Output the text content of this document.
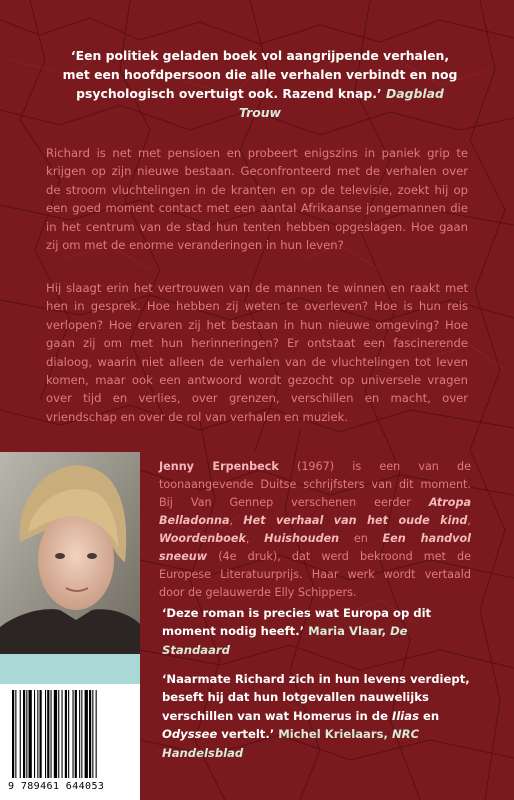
‘Een politiek geladen boek vol aangrijpende verhalen, met een hoofdpersoon die alle verhalen verbindt en nog psychologisch overtuigt ook. Razend knap.’ Dagblad Trouw
Richard is net met pensioen en probeert enigszins in paniek grip te krijgen op zijn nieuwe bestaan. Geconfronteerd met de verhalen over de stroom vluchtelingen in de kranten en op de televisie, zoekt hij op een goed moment contact met een aantal Afrikaanse jongemannen die in het centrum van de stad hun tenten hebben opgeslagen. Hoe gaan zij om met de enorme veranderingen in hun leven?
Hij slaagt erin het vertrouwen van de mannen te winnen en raakt met hen in gesprek. Hoe hebben zij weten te overleven? Hoe is hun reis verlopen? Hoe ervaren zij het bestaan in hun nieuwe omgeving? Hoe gaan zij om met hun herinneringen? Er ontstaat een fascinerende dialoog, waarin niet alleen de verhalen van de vluchtelingen tot leven komen, maar ook een antwoord wordt gezocht op universele vragen over tijd en verlies, over grenzen, verschillen en macht, over vriendschap en over de rol van verhalen en muziek.
Jenny Erpenbeck (1967) is een van de toonaangevende Duitse schrijfsters van dit moment. Bij Van Gennep verschenen eerder Atropa Belladonna, Het verhaal van het oude kind, Woordenboek, Huishouden en Een handvol sneeuw (4e druk), dat werd bekroond met de Europese Literatuurprijs. Haar werk wordt vertaald door de gelauwerde Elly Schippers.
‘Deze roman is precies wat Europa op dit moment nodig heeft.’ Maria Vlaar, De Standaard
‘Naarmate Richard zich in hun levens verdiept, beseft hij dat hun lotgevallen nauwelijks verschillen van wat Homerus in de Ilias en Odyssee vertelt.’ Michel Krielaars, NRC Handelsblad
9 789461 644053
